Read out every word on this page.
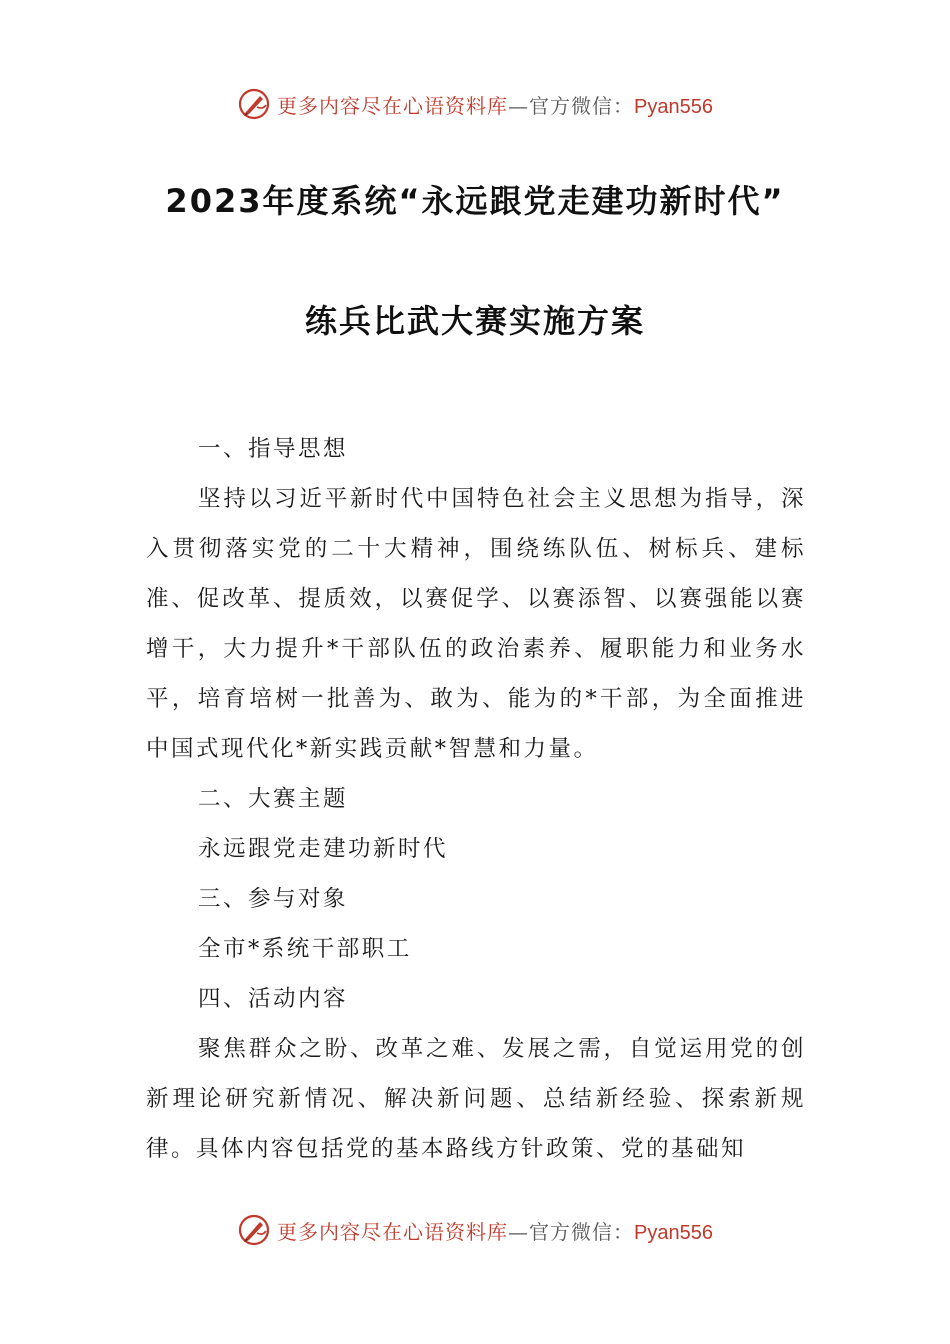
更多内容尽在心语资料库—官方微信：Pyan556
2023年度系统“永远跟党走建功新时代”
练兵比武大赛实施方案

一、指导思想

坚持以习近平新时代中国特色社会主义思想为指导，深入贯彻落实党的二十大精神，围绕练队伍、树标兵、建标准、促改革、提质效，以赛促学、以赛添智、以赛强能以赛增干，大力提升*干部队伍的政治素养、履职能力和业务水平，培育培树一批善为、敢为、能为的*干部，为全面推进中国式现代化*新实践贡献*智慧和力量。

二、大赛主题

永远跟党走建功新时代

三、参与对象

全市*系统干部职工

四、活动内容

聚焦群众之盼、改革之难、发展之需，自觉运用党的创新理论研究新情况、解决新问题、总结新经验、探索新规律。具体内容包括党的基本路线方针政策、党的基础知

更多内容尽在心语资料库—官方微信：Pyan556
